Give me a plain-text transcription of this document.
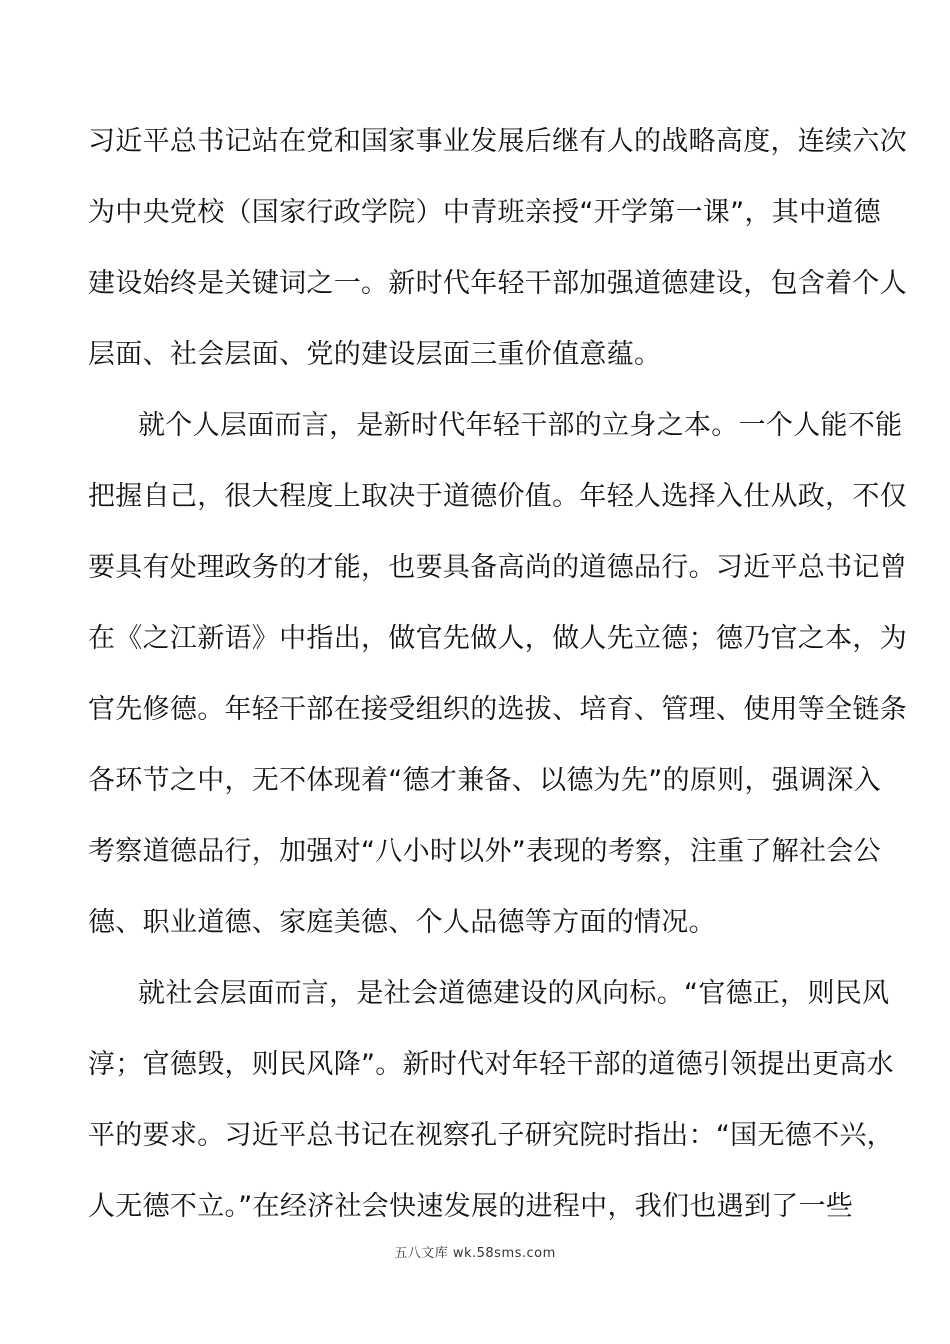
习近平总书记站在党和国家事业发展后继有人的战略高度，连续六次
为中央党校（国家行政学院）中青班亲授“开学第一课”，其中道德
建设始终是关键词之一。新时代年轻干部加强道德建设，包含着个人
层面、社会层面、党的建设层面三重价值意蕴。
就个人层面而言，是新时代年轻干部的立身之本。一个人能不能
把握自己，很大程度上取决于道德价值。年轻人选择入仕从政，不仅
要具有处理政务的才能，也要具备高尚的道德品行。习近平总书记曾
在《之江新语》中指出，做官先做人，做人先立德；德乃官之本，为
官先修德。年轻干部在接受组织的选拔、培育、管理、使用等全链条
各环节之中，无不体现着“德才兼备、以德为先”的原则，强调深入
考察道德品行，加强对“八小时以外”表现的考察，注重了解社会公
德、职业道德、家庭美德、个人品德等方面的情况。
就社会层面而言，是社会道德建设的风向标。“官德正，则民风
淳；官德毁，则民风降”。新时代对年轻干部的道德引领提出更高水
平的要求。习近平总书记在视察孔子研究院时指出：“国无德不兴，
人无德不立。”在经济社会快速发展的进程中，我们也遇到了一些
五八文库 wk.58sms.com
